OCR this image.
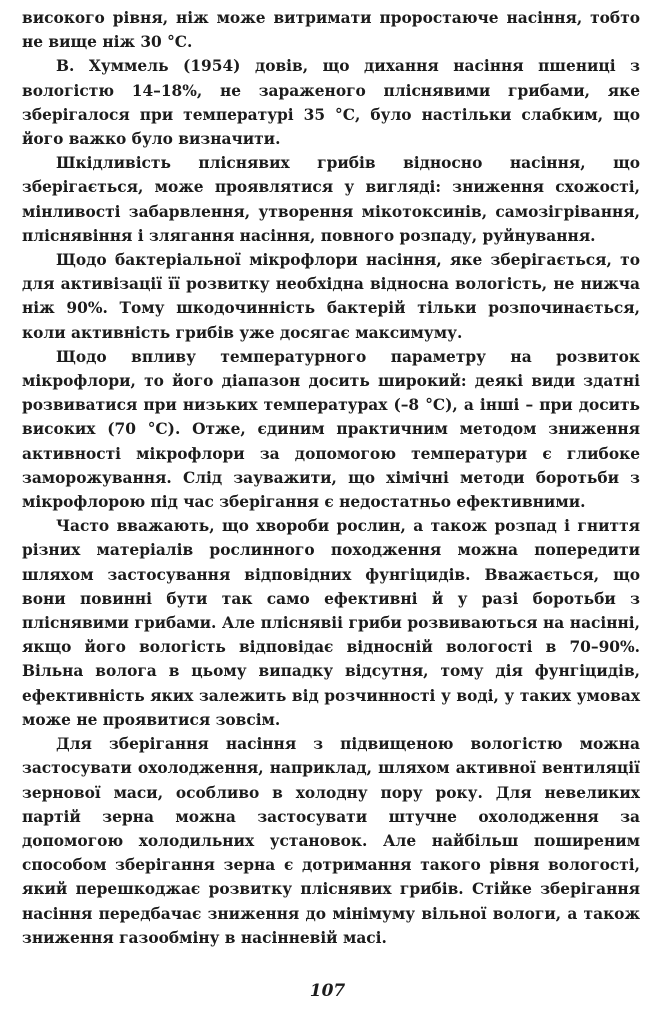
високого рівня, ніж може витримати проростаюче насіння, тобто не вище ніж 30 °С.

В. Хуммель (1954) довів, що дихання насіння пшениці з вологістю 14–18%, не зараженого пліснявими грибами, яке зберігалося при температурі 35 °С, було настільки слабким, що його важко було визначити.

Шкідливість пліснявих грибів відносно насіння, що зберігається, може проявлятися у вигляді: зниження схожості, мінливості забарвлення, утворення мікотоксинів, самозігрівання, пліснявіння і злягання насіння, повного розпаду, руйнування.

Щодо бактеріальної мікрофлори насіння, яке зберігається, то для активізації її розвитку необхідна відносна вологість, не нижча ніж 90%. Тому шкодочинність бактерій тільки розпочинається, коли активність грибів уже досягає максимуму.

Щодо впливу температурного параметру на розвиток мікрофлори, то його діапазон досить широкий: деякі види здатні розвиватися при низьких температурах (–8 °С), а інші – при досить високих (70 °С). Отже, єдиним практичним методом зниження активності мікрофлори за допомогою температури є глибоке заморожування. Слід зауважити, що хімічні методи боротьби з мікрофлорою під час зберігання є недостатньо ефективними.

Часто вважають, що хвороби рослин, а також розпад і гниття різних матеріалів рослинного походження можна попередити шляхом застосування відповідних фунгіцидів. Вважається, що вони повинні бути так само ефективні й у разі боротьби з пліснявими грибами. Але пліснявіі гриби розвиваються на насінні, якщо його вологість відповідає відносній вологості в 70–90%. Вільна волога в цьому випадку відсутня, тому дія фунгіцидів, ефективність яких залежить від розчинності у воді, у таких умовах може не проявитися зовсім.

Для зберігання насіння з підвищеною вологістю можна застосувати охолодження, наприклад, шляхом активної вентиляції зернової маси, особливо в холодну пору року. Для невеликих партій зерна можна застосувати штучне охолодження за допомогою холодильних установок. Але найбільш поширеним способом зберігання зерна є дотримання такого рівня вологості, який перешкоджає розвитку пліснявих грибів. Стійке зберігання насіння передбачає зниження до мінімуму вільної вологи, а також зниження газообміну в насінневій масі.

107
